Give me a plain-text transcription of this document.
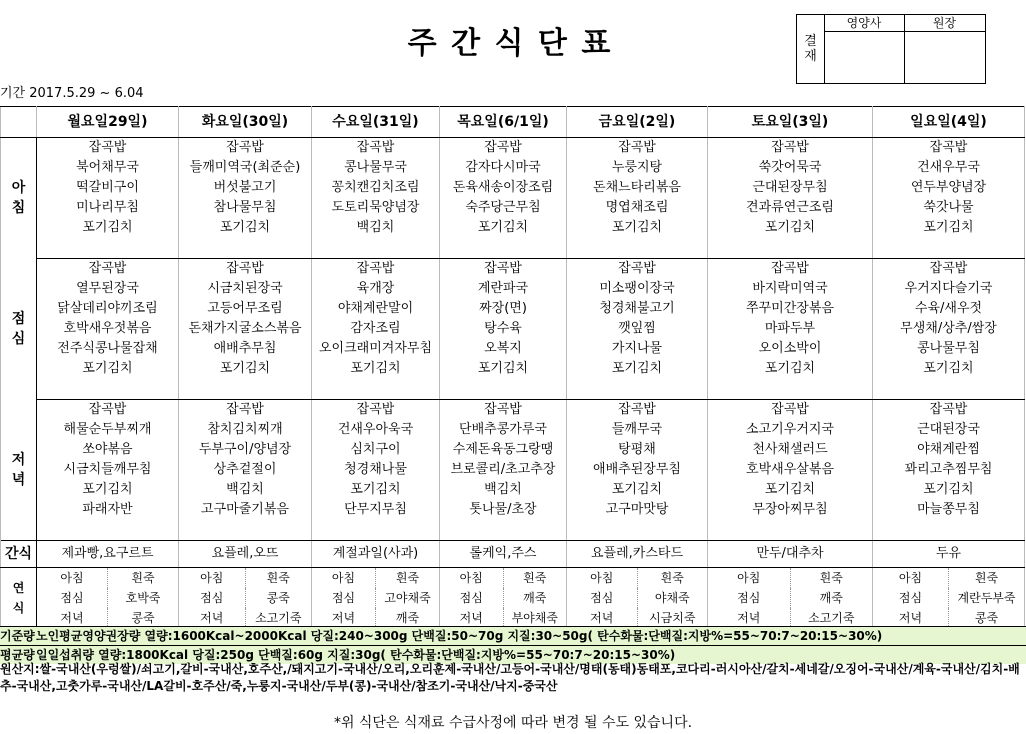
주 간 식 단 표	결
재
영양사	원장
기간 2017.5.29 ~ 6.04
	월요일29일)	화요일(30일)	수요일(31일)	목요일(6/1일)	금요일(2일)	토요일(3일)	일요일(4일)
아
침	잡곡밥	잡곡밥	잡곡밥	잡곡밥	잡곡밥	잡곡밥	잡곡밥
	북어채무국	들깨미역국(최준순)	콩나물무국	감자다시마국	누룽지탕	쑥갓어묵국	건새우무국
	떡갈비구이	버섯불고기	꽁치캔김치조림	돈육새송이장조림	돈채느타리볶음	근대된장무침	연두부양념장
	미나리무침	참나물무침	도토리묵양념장	숙주당근무침	명엽채조림	견과류연근조림	쑥갓나물
	포기김치	포기김치	백김치	포기김치	포기김치	포기김치	포기김치

점
심	잡곡밥	잡곡밥	잡곡밥	잡곡밥	잡곡밥	잡곡밥	잡곡밥
	열무된장국	시금치된장국	육개장	계란파국	미소팽이장국	바지락미역국	우거지다슬기국
	닭살데리야끼조림	고등어무조림	야채계란말이	짜장(면)	청경채불고기	쭈꾸미간장볶음	수육/새우젓
	호박새우젓볶음	돈채가지굴소스볶음	감자조림	탕수육	깻잎찜	마파두부	무생채/상추/쌈장
	전주식콩나물잡채	애배추무침	오이크래미겨자무침	오복지	가지나물	오이소박이	콩나물무침
	포기김치	포기김치	포기김치	포기김치	포기김치	포기김치	포기김치

저
녁	잡곡밥	잡곡밥	잡곡밥	잡곡밥	잡곡밥	잡곡밥	잡곡밥
	해물순두부찌개	참치김치찌개	건새우아욱국	단배추콩가루국	들깨무국	소고기우거지국	근대된장국
	쏘야볶음	두부구이/양념장	심치구이	수제돈육동그랑땡	탕평채	천사채샐러드	야채계란찜
	시금치들깨무침	상추겉절이	청경채나물	브로콜리/초고추장	애배추된장무침	호박새우살볶음	꽈리고추찜무침
	포기김치	백김치	포기김치	백김치	포기김치	포기김치	포기김치
	파래자반	고구마줄기볶음	단무지무침	톳나물/초장	고구마맛탕	무장아찌무침	마늘쫑무침

간식	제과빵,요구르트	요플레,오뜨	계절과일(사과)	롤케익,주스	요플레,카스타드	만두/대추차	두유
연
식	아침 흰죽	아침 흰죽	아침 흰죽	아침 흰죽	아침 흰죽	아침 흰죽	아침 흰죽

	점심 호박죽	점심 콩죽	점심 고야채죽	점심 깨죽	점심 야채죽	점심 깨죽	점심 계란두부죽

	저녁 콩죽	저녁 소고기죽	저녁 깨죽	저녁 부야채죽	저녁 시금치죽	저녁 소고기죽	저녁 콩죽
기준량노인평균영양권장량 열량:1600Kcal~2000Kcal 당질:240~300g 단백질:50~70g 지질:30~50g( 탄수화물:단백질:지방%=55~70:7~20:15~30%)
평균량일일섭취량 열량:1800Kcal 당질:250g 단백질:60g 지질:30g( 탄수화물:단백질:지방%=55~70:7~20:15~30%)
원산지:쌀-국내산(우렁쌀)/쇠고기,갈비-국내산,호주산,/돼지고기-국내산/오리,오리훈제-국내산/고등어-국내산/명태(동태)동태포,코다리-러시아산/갈치-세네갈/오징어-국내산/계육-국내산/김치-배추-국내산,고춧가루-국내산/LA갈비-호주산/죽,누룽지-국내산/두부(콩)-국내산/참조기-국내산/낙지-중국산
*위 식단은 식재료 수급사정에 따라 변경 될 수도 있습니다.
